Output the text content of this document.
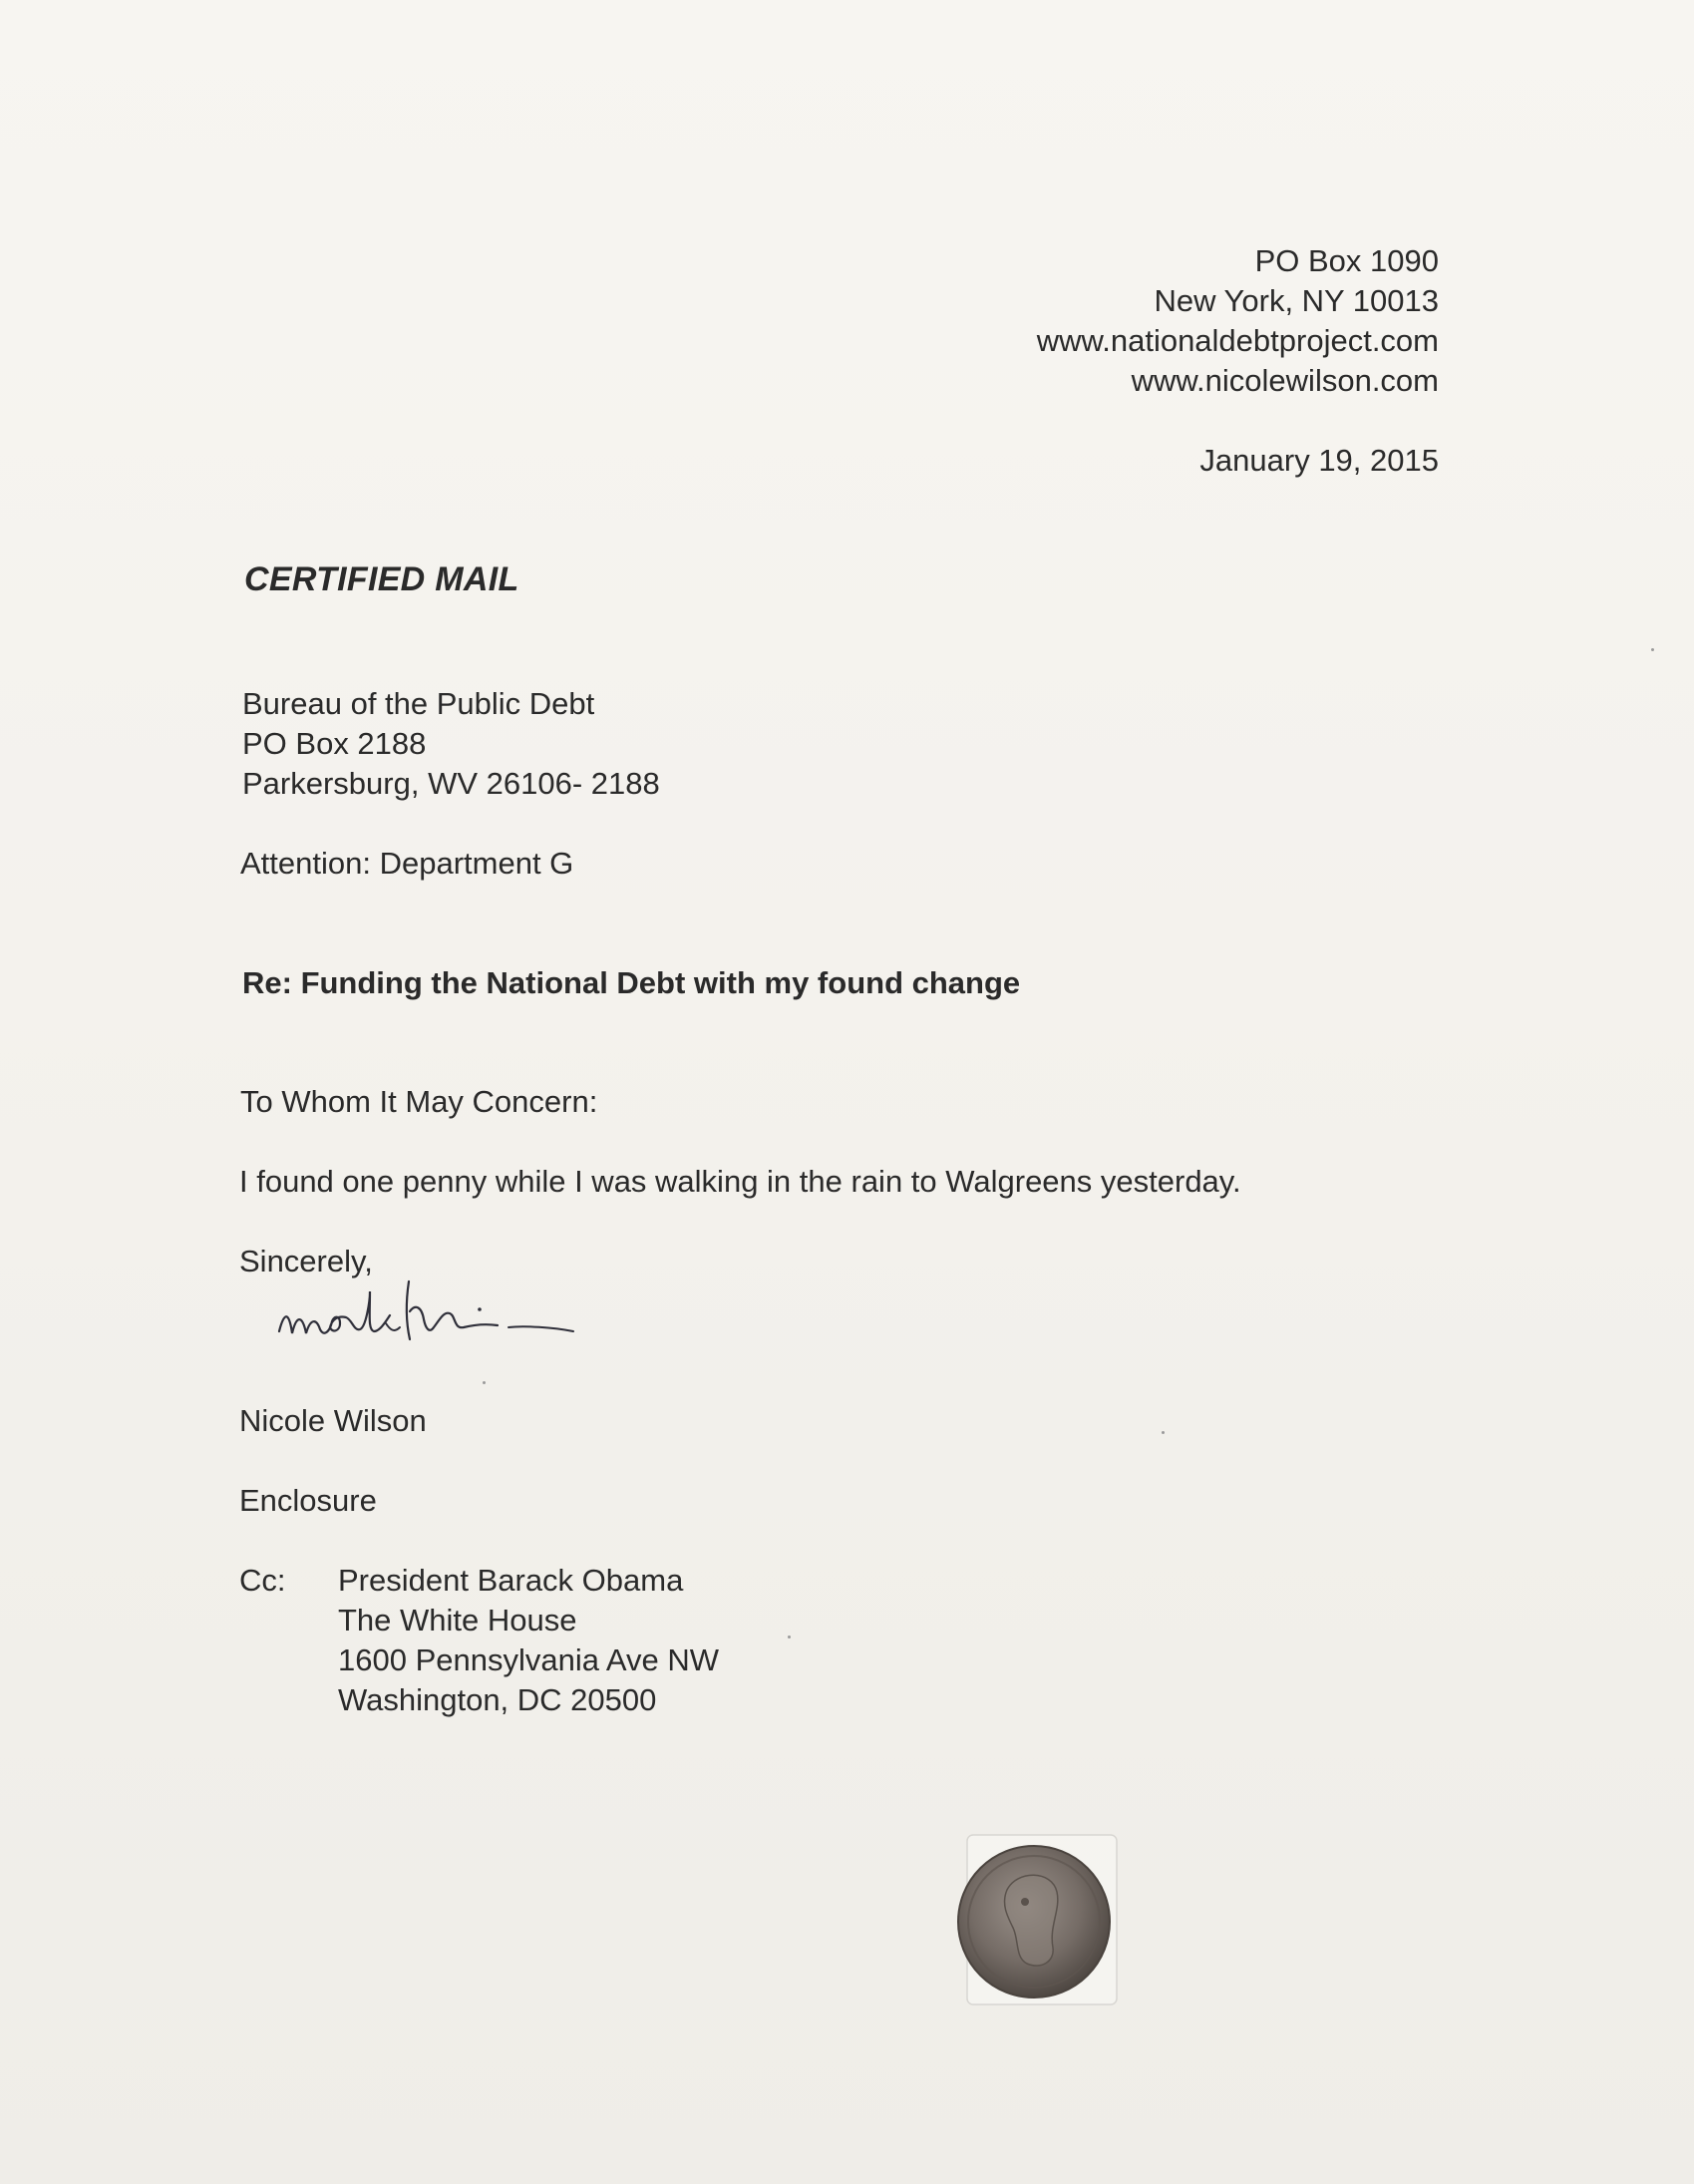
PO Box 1090
New York, NY 10013
www.nationaldebtproject.com
www.nicolewilson.com
January 19, 2015
CERTIFIED MAIL
Bureau of the Public Debt
PO Box 2188
Parkersburg, WV 26106- 2188
Attention: Department G
Re: Funding the National Debt with my found change
To Whom It May Concern:
I found one penny while I was walking in the rain to Walgreens yesterday.
Sincerely,
Nicole Wilson
Enclosure
Cc: President Barack Obama
The White House
1600 Pennsylvania Ave NW
Washington, DC 20500
